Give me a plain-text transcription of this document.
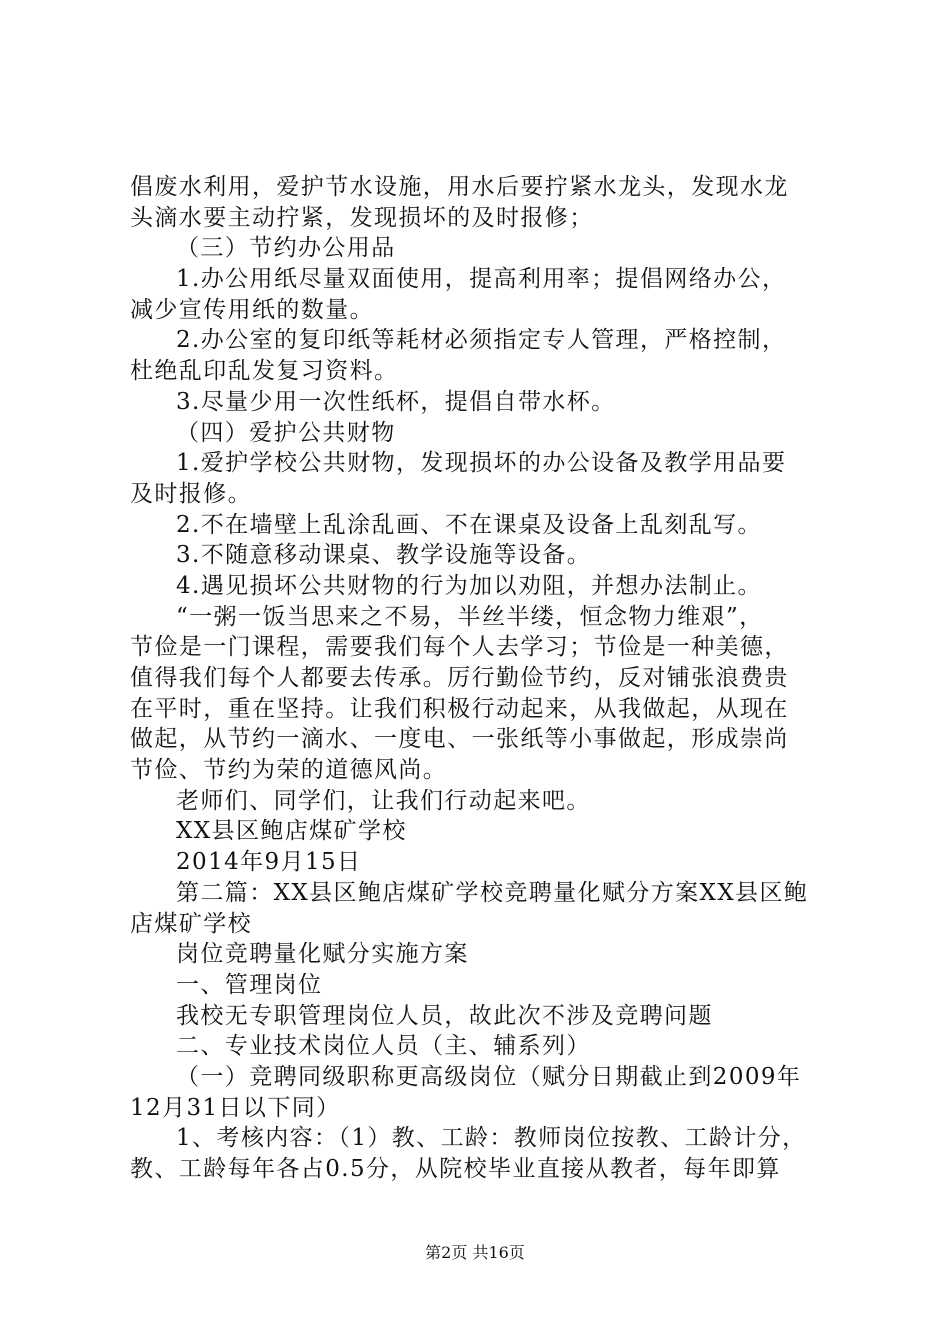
倡废水利用，爱护节水设施，用水后要拧紧水龙头，发现水龙
头滴水要主动拧紧，发现损坏的及时报修；
（三）节约办公用品
1.办公用纸尽量双面使用，提高利用率；提倡网络办公，
减少宣传用纸的数量。
2.办公室的复印纸等耗材必须指定专人管理，严格控制，
杜绝乱印乱发复习资料。
3.尽量少用一次性纸杯，提倡自带水杯。
（四）爱护公共财物
1.爱护学校公共财物，发现损坏的办公设备及教学用品要
及时报修。
2.不在墙壁上乱涂乱画、不在课桌及设备上乱刻乱写。
3.不随意移动课桌、教学设施等设备。
4.遇见损坏公共财物的行为加以劝阻，并想办法制止。
“一粥一饭当思来之不易，半丝半缕，恒念物力维艰”，
节俭是一门课程，需要我们每个人去学习；节俭是一种美德，
值得我们每个人都要去传承。厉行勤俭节约，反对铺张浪费贵
在平时，重在坚持。让我们积极行动起来，从我做起，从现在
做起，从节约一滴水、一度电、一张纸等小事做起，形成崇尚
节俭、节约为荣的道德风尚。
老师们、同学们，让我们行动起来吧。
XX县区鲍店煤矿学校
2014年9月15日
第二篇：XX县区鲍店煤矿学校竞聘量化赋分方案XX县区鲍
店煤矿学校
岗位竞聘量化赋分实施方案
一、管理岗位
我校无专职管理岗位人员，故此次不涉及竞聘问题
二、专业技术岗位人员（主、辅系列）
（一）竞聘同级职称更高级岗位（赋分日期截止到2009年
12月31日以下同）
1、考核内容：（1）教、工龄：教师岗位按教、工龄计分，
教、工龄每年各占0.5分，从院校毕业直接从教者，每年即算
第2页 共16页
